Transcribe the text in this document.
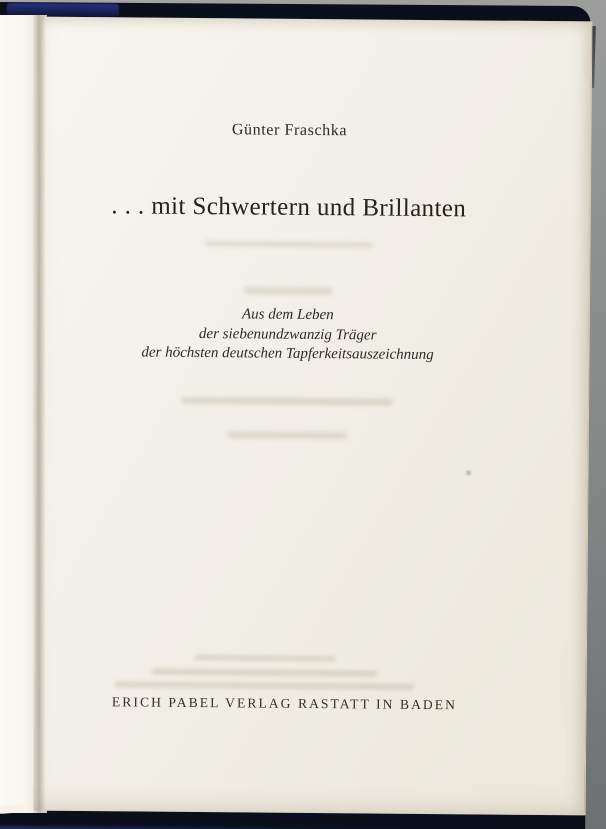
Günter Fraschka
. . . mit Schwertern und Brillanten
Aus dem Leben
der siebenundzwanzig Träger
der höchsten deutschen Tapferkeitsauszeichnung
ERICH PABEL VERLAG RASTATT IN BADEN
